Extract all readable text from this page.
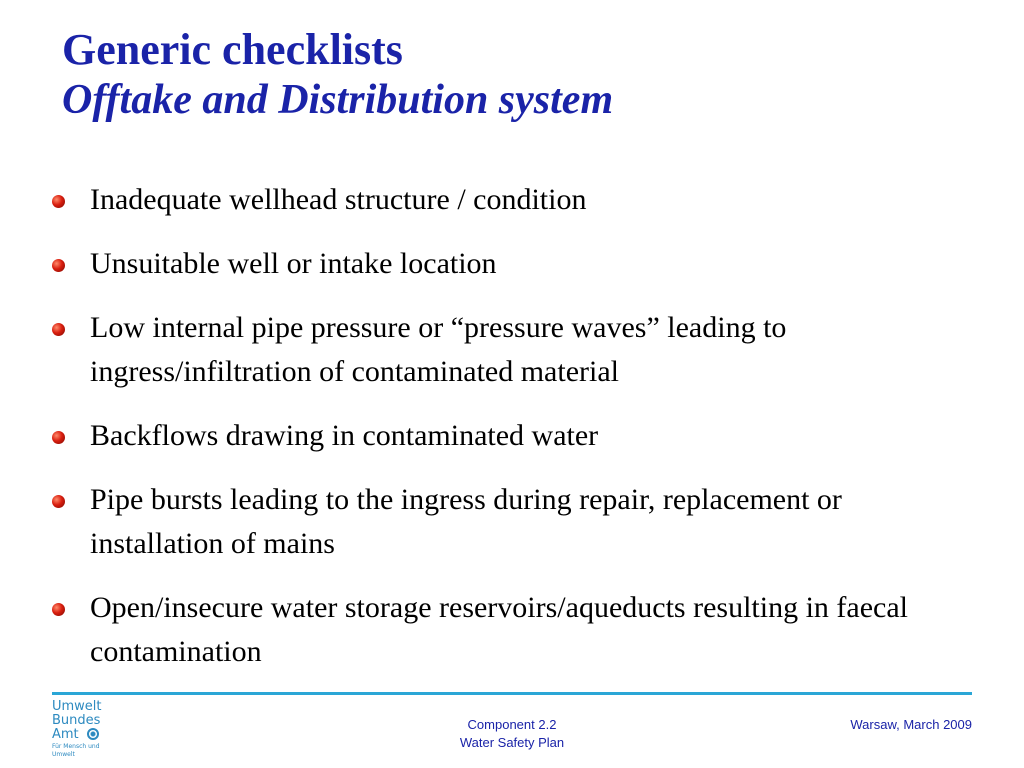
Generic checklists
Offtake and Distribution system
Inadequate wellhead structure / condition
Unsuitable well or intake location
Low internal pipe pressure or “pressure waves” leading to ingress/infiltration of contaminated material
Backflows drawing in contaminated water
Pipe bursts leading to the ingress during repair, replacement or installation of mains
Open/insecure water storage reservoirs/aqueducts resulting in faecal contamination
Umwelt
Bundes
Amt
Für Mensch und Umwelt
Component 2.2
Water Safety Plan
Warsaw, March 2009
